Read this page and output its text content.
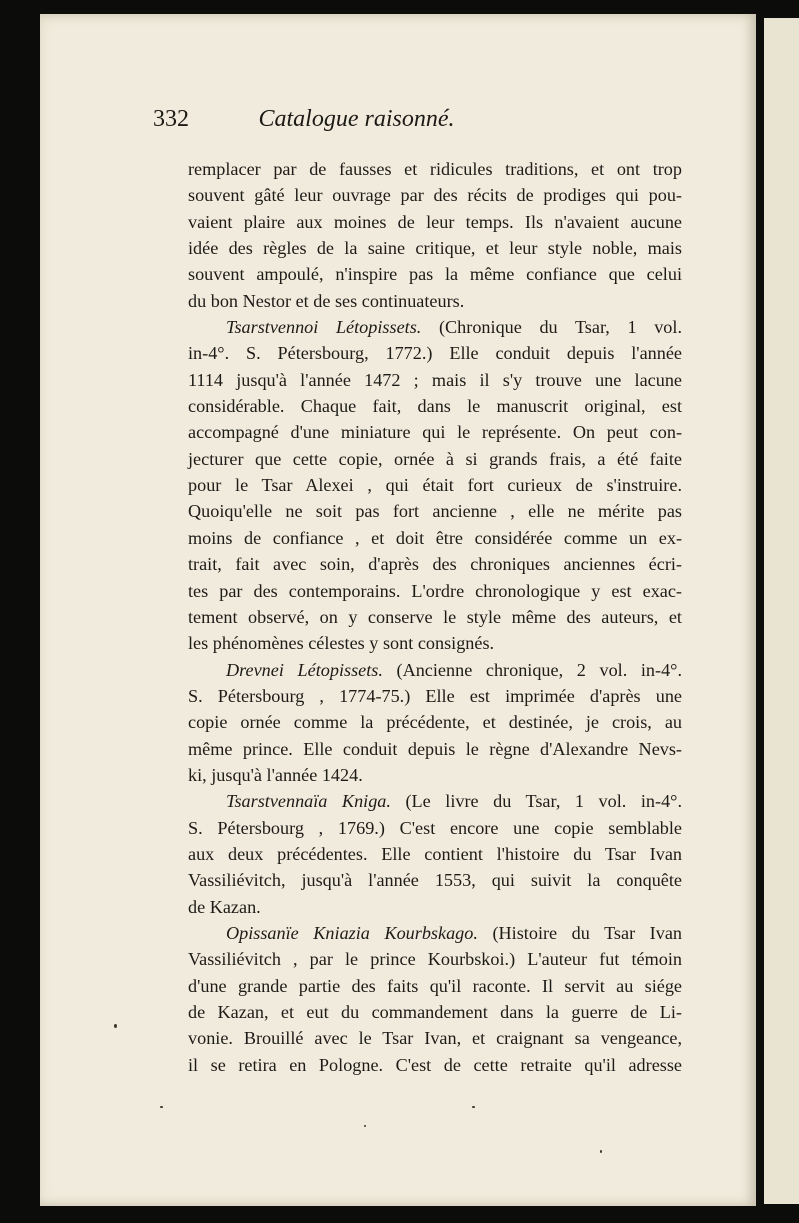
332	Catalogue raisonné.
remplacer par de fausses et ridicules traditions, et ont trop
souvent gâté leur ouvrage par des récits de prodiges qui pou-
vaient plaire aux moines de leur temps. Ils n'avaient aucune
idée des règles de la saine critique, et leur style noble, mais
souvent ampoulé, n'inspire pas la même confiance que celui
du bon Nestor et de ses continuateurs.
Tsarstvennoi Létopissets. (Chronique du Tsar, 1 vol.
in-4°. S. Pétersbourg, 1772.) Elle conduit depuis l'année
1114 jusqu'à l'année 1472 ; mais il s'y trouve une lacune
considérable. Chaque fait, dans le manuscrit original, est
accompagné d'une miniature qui le représente. On peut con-
jecturer que cette copie, ornée à si grands frais, a été faite
pour le Tsar Alexei , qui était fort curieux de s'instruire.
Quoiqu'elle ne soit pas fort ancienne , elle ne mérite pas
moins de confiance , et doit être considérée comme un ex-
trait, fait avec soin, d'après des chroniques anciennes écri-
tes par des contemporains. L'ordre chronologique y est exac-
tement observé, on y conserve le style même des auteurs, et
les phénomènes célestes y sont consignés.
Drevnei Létopissets. (Ancienne chronique, 2 vol. in-4°.
S. Pétersbourg , 1774-75.) Elle est imprimée d'après une
copie ornée comme la précédente, et destinée, je crois, au
même prince. Elle conduit depuis le règne d'Alexandre Nevs-
ki, jusqu'à l'année 1424.
Tsarstvennaïa Kniga. (Le livre du Tsar, 1 vol. in-4°.
S. Pétersbourg , 1769.) C'est encore une copie semblable
aux deux précédentes. Elle contient l'histoire du Tsar Ivan
Vassiliévitch, jusqu'à l'année 1553, qui suivit la conquête
de Kazan.
Opissanïe Kniazia Kourbskago. (Histoire du Tsar Ivan
Vassiliévitch , par le prince Kourbskoi.) L'auteur fut témoin
d'une grande partie des faits qu'il raconte. Il servit au siége
de Kazan, et eut du commandement dans la guerre de Li-
vonie. Brouillé avec le Tsar Ivan, et craignant sa vengeance,
il se retira en Pologne. C'est de cette retraite qu'il adresse
